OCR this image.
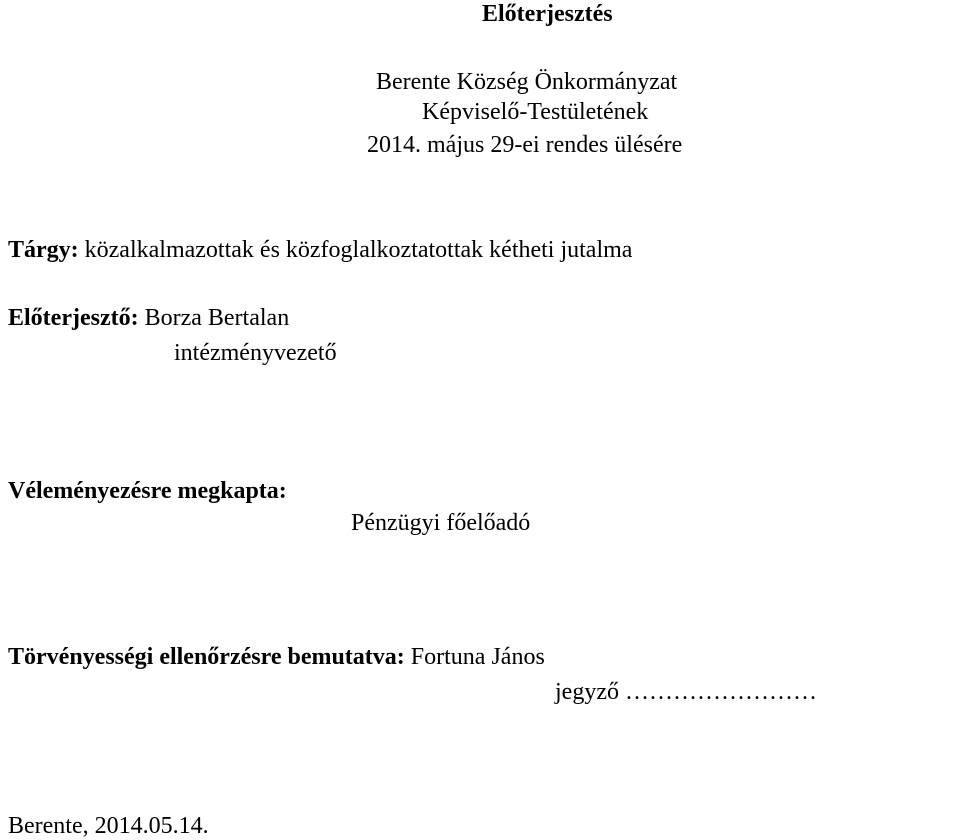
Előterjesztés
Berente Község Önkormányzat
Képviselő-Testületének
2014. május 29-ei rendes ülésére
Tárgy: közalkalmazottak és közfoglalkoztatottak kétheti jutalma
Előterjesztő: Borza Bertalan
intézményvezető
Véleményezésre megkapta:
Pénzügyi főelőadó
Törvényességi ellenőrzésre bemutatva: Fortuna János
jegyző ……………………
Berente, 2014.05.14.
